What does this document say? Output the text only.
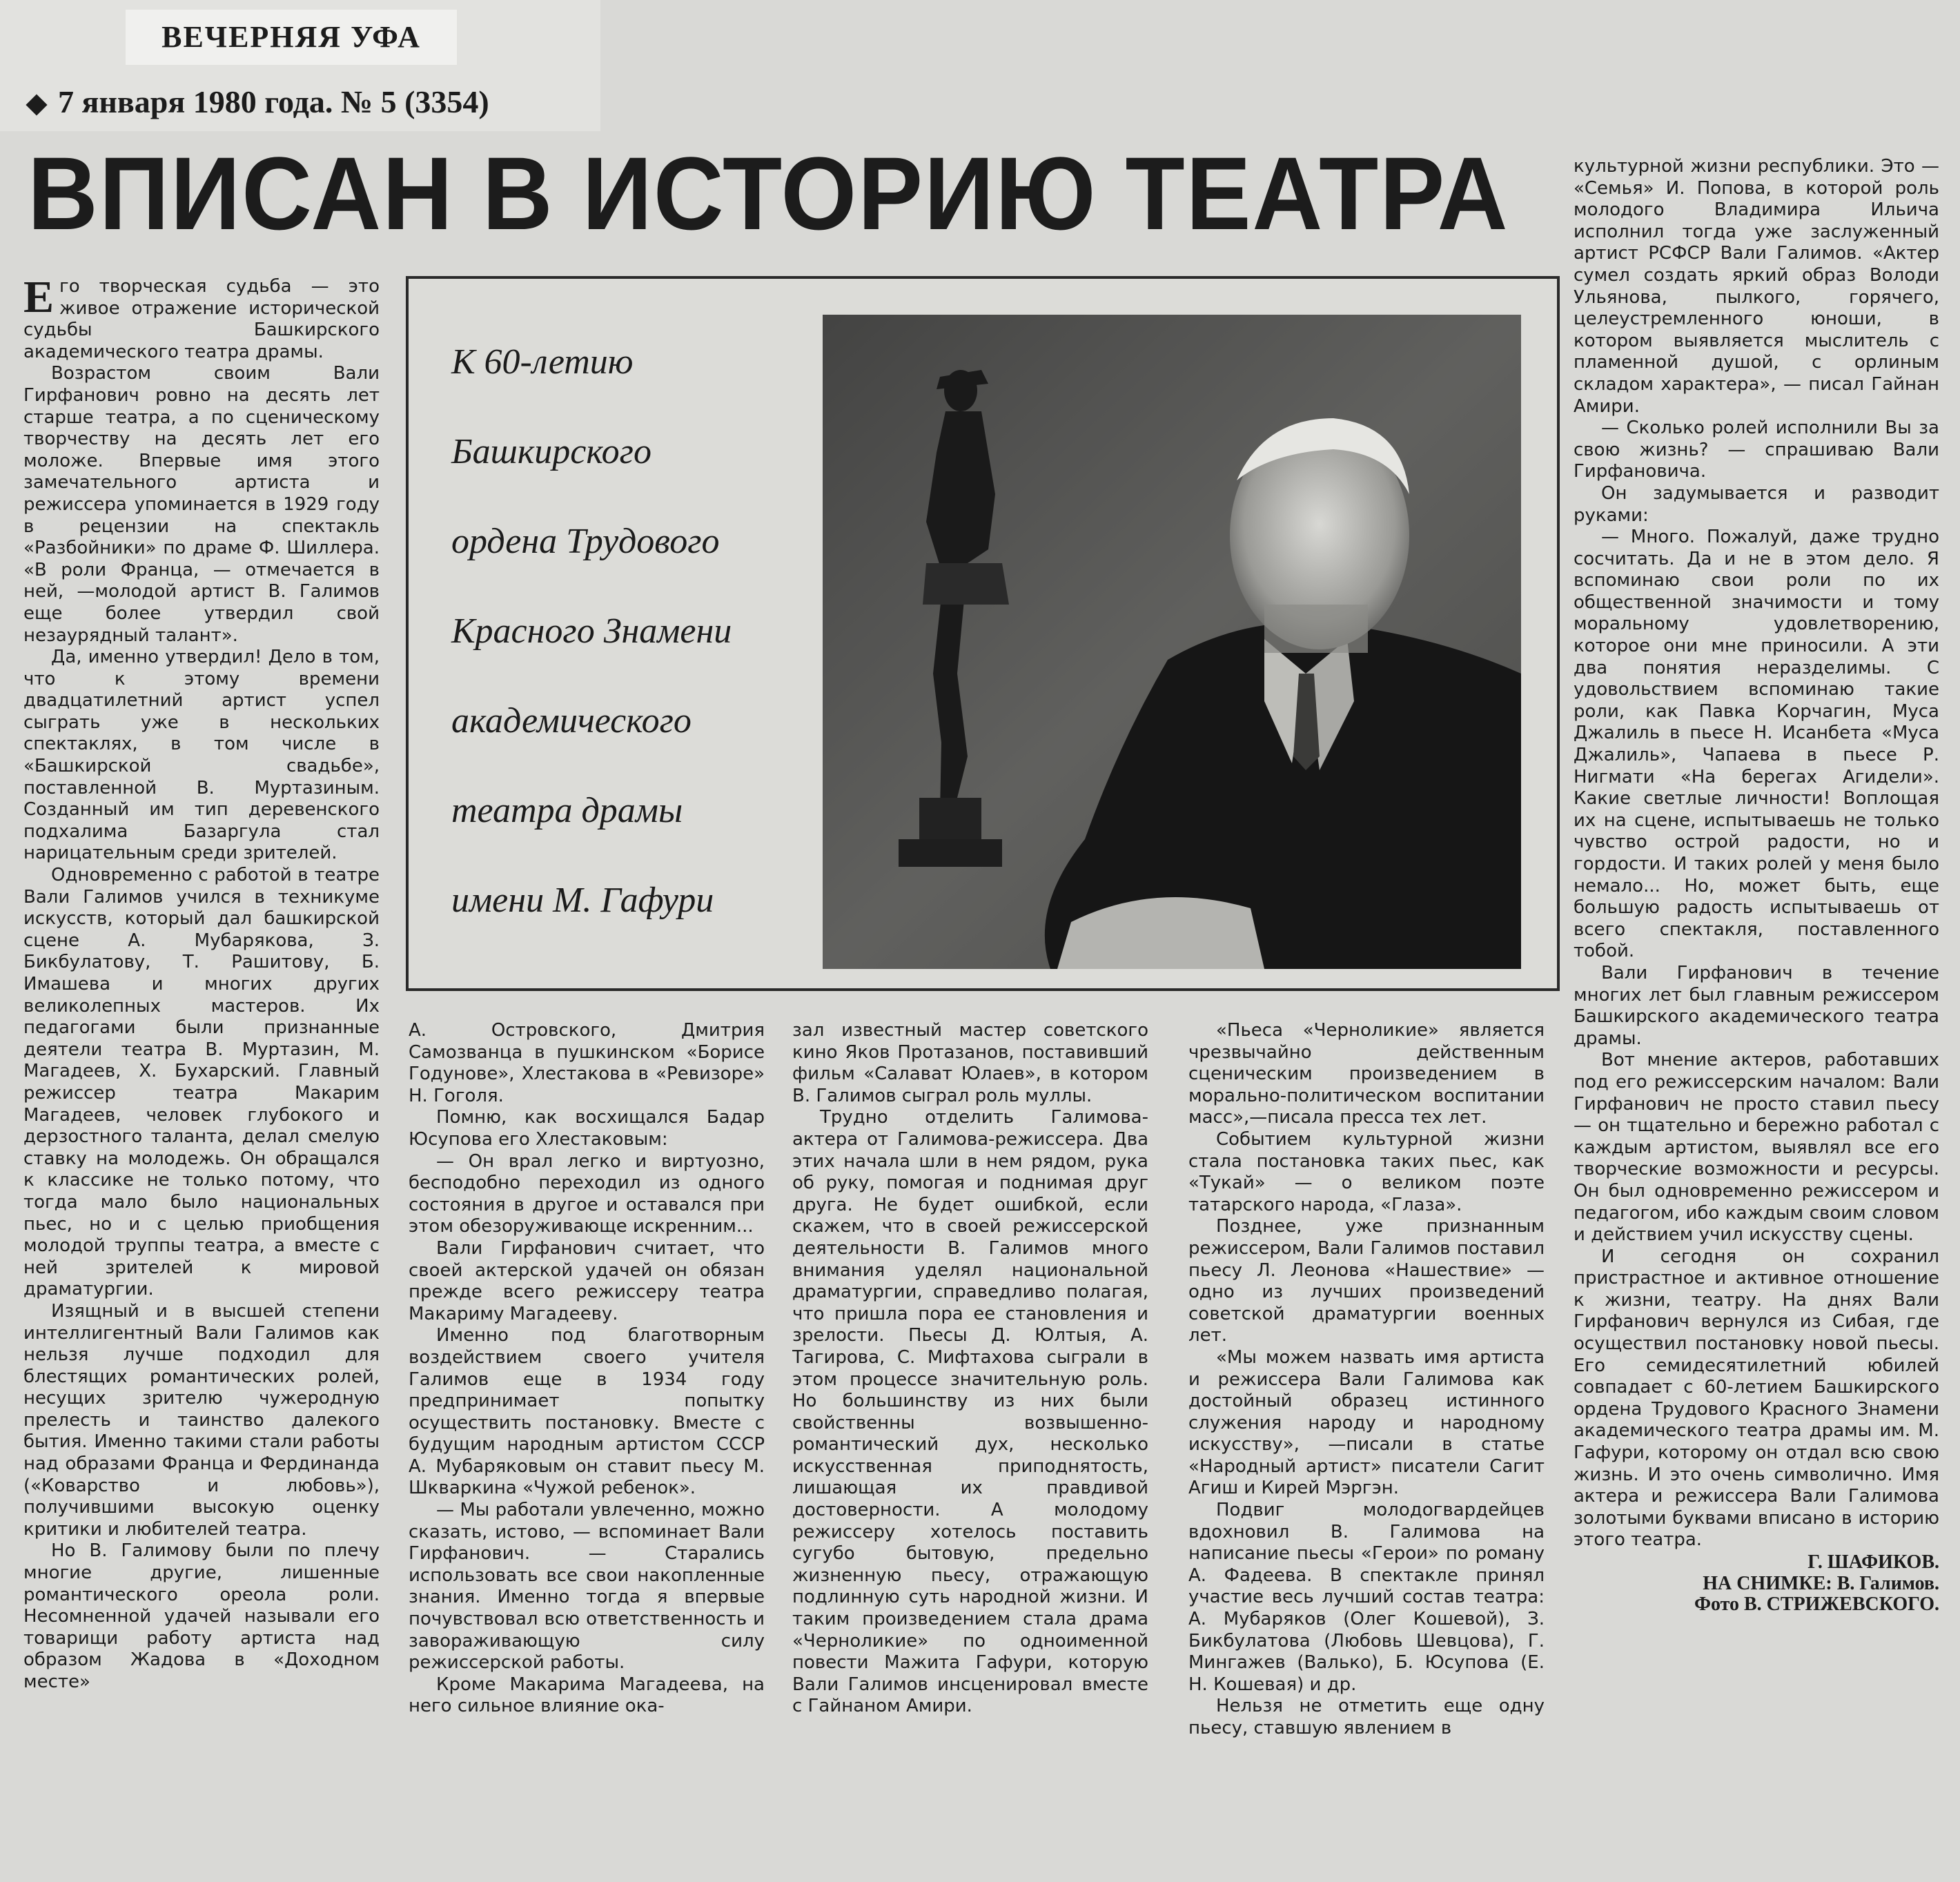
ВЕЧЕРНЯЯ УФА
7 января 1980 года. № 5 (3354)
ВПИСАН В ИСТОРИЮ ТЕАТРА

Его творческая судьба — это живое отражение исторической судьбы Башкирского академического театра драмы.

Возрастом своим Вали Гирфанович ровно на десять лет старше театра, а по сценическому творчеству на десять лет его моложе. Впервые имя этого замечательного артиста и режиссера упоминается в 1929 году в рецензии на спектакль «Разбойники» по драме Ф. Шиллера. «В роли Франца, — отмечается в ней, —молодой артист В. Галимов еще более утвердил свой незаурядный талант».

Да, именно утвердил! Дело в том, что к этому времени двадцатилетний артист успел сыграть уже в нескольких спектаклях, в том числе в «Башкирской свадьбе», поставленной В. Муртазиным. Созданный им тип деревенского подхалима Базаргула стал нарицательным среди зрителей.

Одновременно с работой в театре Вали Галимов учился в техникуме искусств, который дал башкирской сцене А. Мубарякова, З. Бикбулатову, Т. Рашитову, Б. Имашева и многих других великолепных мастеров. Их педагогами были признанные деятели театра В. Муртазин, М. Магадеев, Х. Бухарский. Главный режиссер театра Макарим Магадеев, человек глубокого и дерзостного таланта, делал смелую ставку на молодежь. Он обращался к классике не только потому, что тогда мало было национальных пьес, но и с целью приобщения молодой труппы театра, а вместе с ней зрителей к мировой драматургии.

Изящный и в высшей степени интеллигентный Вали Галимов как нельзя лучше подходил для блестящих романтических ролей, несущих зрителю чужеродную прелесть и таинство далекого бытия. Именно такими стали работы над образами Франца и Фердинанда («Коварство и любовь»), получившими высокую оценку критики и любителей театра.

Но В. Галимову были по плечу многие другие, лишенные романтического ореола роли. Несомненной удачей называли его товарищи работу артиста над образом Жадова в «Доходном месте»

К 60-летию
Башкирского
ордена Трудового
Красного Знамени
академического
театра драмы
имени М. Гафури

А. Островского, Дмитрия Самозванца в пушкинском «Борисе Годунове», Хлестакова в «Ревизоре» Н. Гоголя.

Помню, как восхищался Бадар Юсупова его Хлестаковым:

— Он врал легко и виртуозно, бесподобно переходил из одного состояния в другое и оставался при этом обезоруживающе искренним...

Вали Гирфанович считает, что своей актерской удачей он обязан прежде всего режиссеру театра Макариму Магадееву.

Именно под благотворным воздействием своего учителя Галимов еще в 1934 году предпринимает попытку осуществить постановку. Вместе с будущим народным артистом СССР А. Мубаряковым он ставит пьесу М. Шкваркина «Чужой ребенок».

— Мы работали увлеченно, можно сказать, истово, — вспоминает Вали Гирфанович. — Старались использовать все свои накопленные знания. Именно тогда я впервые почувствовал всю ответственность и завораживающую силу режиссерской работы.

Кроме Макарима Магадеева, на него сильное влияние ока-

зал известный мастер советского кино Яков Протазанов, поставивший фильм «Салават Юлаев», в котором В. Галимов сыграл роль муллы.

Трудно отделить Галимова-актера от Галимова-режиссера. Два этих начала шли в нем рядом, рука об руку, помогая и поднимая друг друга. Не будет ошибкой, если скажем, что в своей режиссерской деятельности В. Галимов много внимания уделял национальной драматургии, справедливо полагая, что пришла пора ее становления и зрелости. Пьесы Д. Юлтыя, А. Тагирова, С. Мифтахова сыграли в этом процессе значительную роль. Но большинству из них были свойственны возвышенно-романтический дух, несколько искусственная приподнятость, лишающая их правдивой достоверности. А молодому режиссеру хотелось поставить сугубо бытовую, предельно жизненную пьесу, отражающую подлинную суть народной жизни. И таким произведением стала драма «Черноликие» по одноименной повести Мажита Гафури, которую Вали Галимов инсценировал вместе с Гайнаном Амири.

«Пьеса «Черноликие» является чрезвычайно действенным сценическим произведением в морально-политическом воспитании масс»,—писала пресса тех лет.

Событием культурной жизни стала постановка таких пьес, как «Тукай» — о великом поэте татарского народа, «Глаза».

Позднее, уже признанным режиссером, Вали Галимов поставил пьесу Л. Леонова «Нашествие» — одно из лучших произведений советской драматургии военных лет.

«Мы можем назвать имя артиста и режиссера Вали Галимова как достойный образец истинного служения народу и народному искусству», —писали в статье «Народный артист» писатели Сагит Агиш и Кирей Мэргэн.

Подвиг молодогвардейцев вдохновил В. Галимова на написание пьесы «Герои» по роману А. Фадеева. В спектакле принял участие весь лучший состав театра: А. Мубаряков (Олег Кошевой), З. Бикбулатова (Любовь Шевцова), Г. Мингажев (Валько), Б. Юсупова (Е. Н. Кошевая) и др.

Нельзя не отметить еще одну пьесу, ставшую явлением в

культурной жизни республики. Это — «Семья» И. Попова, в которой роль молодого Владимира Ильича исполнил тогда уже заслуженный артист РСФСР Вали Галимов. «Актер сумел создать яркий образ Володи Ульянова, пылкого, горячего, целеустремленного юноши, в котором выявляется мыслитель с пламенной душой, с орлиным складом характера», — писал Гайнан Амири.

— Сколько ролей исполнили Вы за свою жизнь? — спрашиваю Вали Гирфановича.

Он задумывается и разводит руками:

— Много. Пожалуй, даже трудно сосчитать. Да и не в этом дело. Я вспоминаю свои роли по их общественной значимости и тому моральному удовлетворению, которое они мне приносили. А эти два понятия неразделимы. С удовольствием вспоминаю такие роли, как Павка Корчагин, Муса Джалиль в пьесе Н. Исанбета «Муса Джалиль», Чапаева в пьесе Р. Нигмати «На берегах Агидели». Какие светлые личности! Воплощая их на сцене, испытываешь не только чувство острой радости, но и гордости. И таких ролей у меня было немало... Но, может быть, еще большую радость испытываешь от всего спектакля, поставленного тобой.

Вали Гирфанович в течение многих лет был главным режиссером Башкирского академического театра драмы.

Вот мнение актеров, работавших под его режиссерским началом: Вали Гирфанович не просто ставил пьесу — он тщательно и бережно работал с каждым артистом, выявлял все его творческие возможности и ресурсы. Он был одновременно режиссером и педагогом, ибо каждым своим словом и действием учил искусству сцены.

И сегодня он сохранил пристрастное и активное отношение к жизни, театру. На днях Вали Гирфанович вернулся из Сибая, где осуществил постановку новой пьесы. Его семидесятилетний юбилей совпадает с 60-летием Башкирского ордена Трудового Красного Знамени академического театра драмы им. М. Гафури, которому он отдал всю свою жизнь. И это очень символично. Имя актера и режиссера Вали Галимова золотыми буквами вписано в историю этого театра.

Г. ШАФИКОВ.
НА СНИМКЕ: В. Галимов.
Фото В. СТРИЖЕВСКОГО.
